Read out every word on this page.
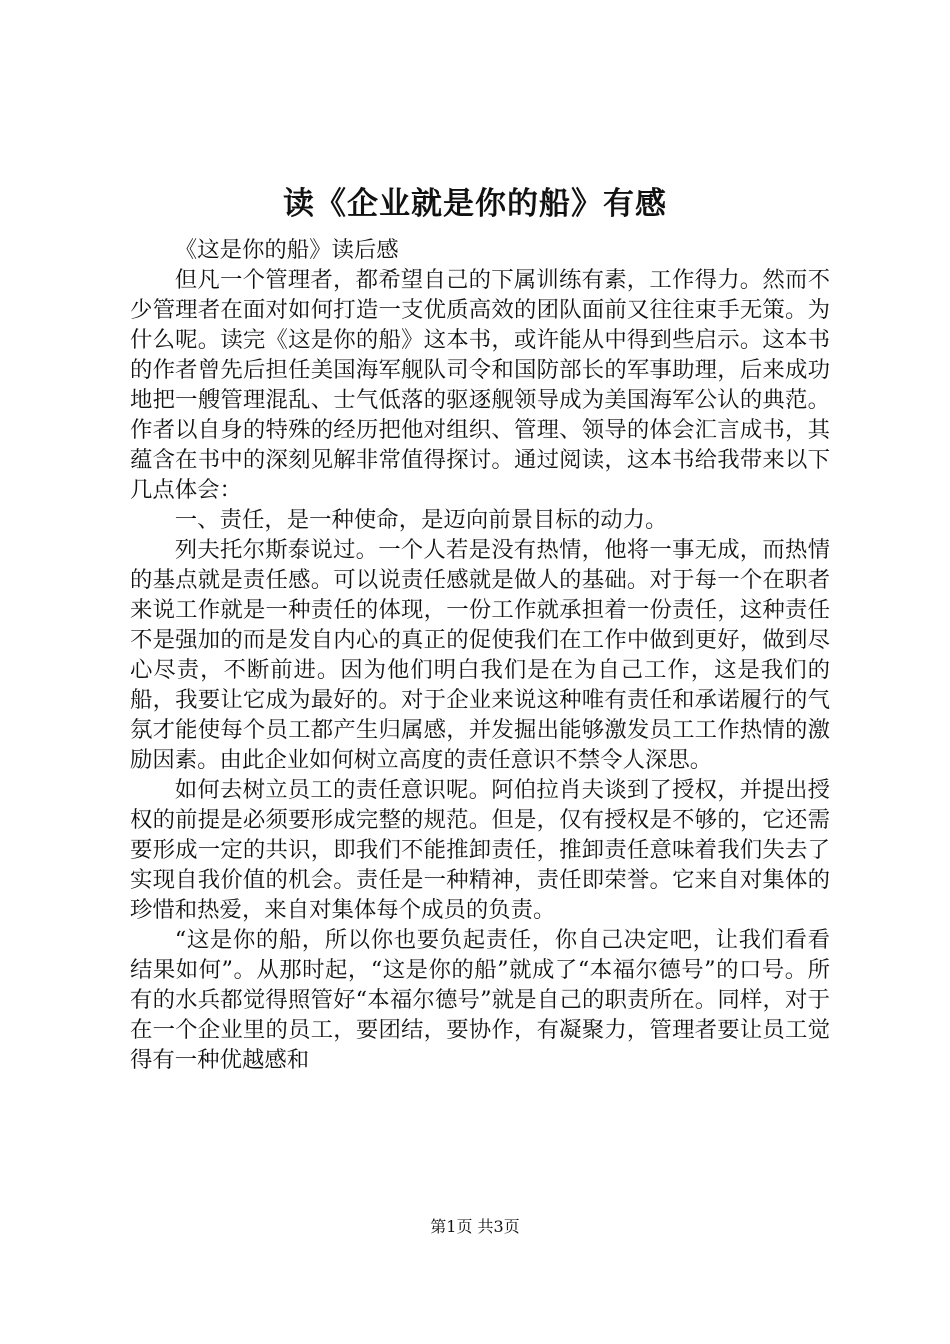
读《企业就是你的船》有感

《这是你的船》读后感

但凡一个管理者，都希望自己的下属训练有素，工作得力。然而不少管理者在面对如何打造一支优质高效的团队面前又往往束手无策。为什么呢。读完《这是你的船》这本书，或许能从中得到些启示。这本书的作者曾先后担任美国海军舰队司令和国防部长的军事助理，后来成功地把一艘管理混乱、士气低落的驱逐舰领导成为美国海军公认的典范。作者以自身的特殊的经历把他对组织、管理、领导的体会汇言成书，其蕴含在书中的深刻见解非常值得探讨。通过阅读，这本书给我带来以下几点体会：

一、责任，是一种使命，是迈向前景目标的动力。

列夫托尔斯泰说过。一个人若是没有热情，他将一事无成，而热情的基点就是责任感。可以说责任感就是做人的基础。对于每一个在职者来说工作就是一种责任的体现，一份工作就承担着一份责任，这种责任不是强加的而是发自内心的真正的促使我们在工作中做到更好，做到尽心尽责，不断前进。因为他们明白我们是在为自己工作，这是我们的船，我要让它成为最好的。对于企业来说这种唯有责任和承诺履行的气氛才能使每个员工都产生归属感，并发掘出能够激发员工工作热情的激励因素。由此企业如何树立高度的责任意识不禁令人深思。

如何去树立员工的责任意识呢。阿伯拉肖夫谈到了授权，并提出授权的前提是必须要形成完整的规范。但是，仅有授权是不够的，它还需要形成一定的共识，即我们不能推卸责任，推卸责任意味着我们失去了实现自我价值的机会。责任是一种精神，责任即荣誉。它来自对集体的珍惜和热爱，来自对集体每个成员的负责。

“这是你的船，所以你也要负起责任，你自己决定吧，让我们看看结果如何”。从那时起，“这是你的船”就成了“本福尔德号”的口号。所有的水兵都觉得照管好“本福尔德号”就是自己的职责所在。同样，对于在一个企业里的员工，要团结，要协作，有凝聚力，管理者要让员工觉得有一种优越感和

第1页 共3页
